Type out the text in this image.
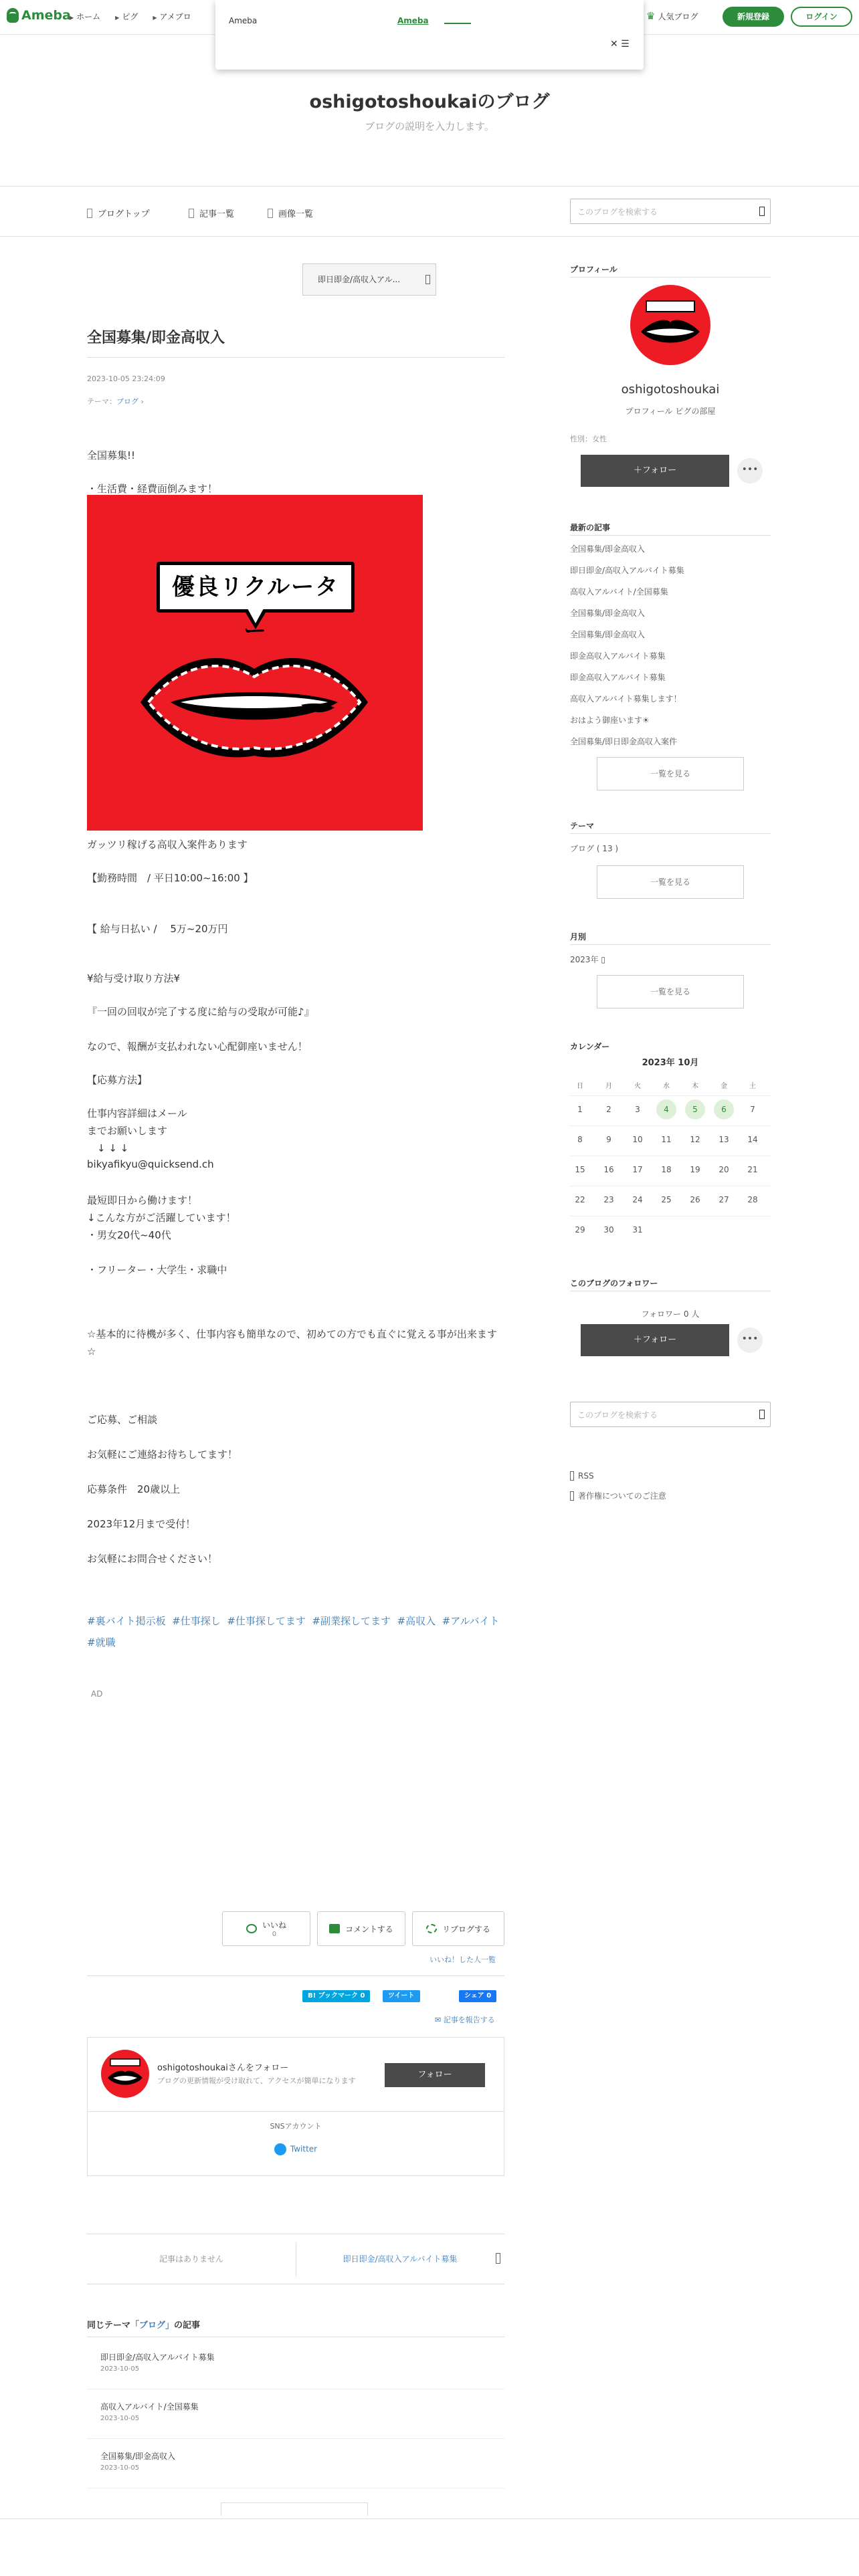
Ameba
▶ ホーム	▶ ピグ	▶ アメブロ	♛ 人気ブログ	新規登録	ログイン
Ameba	Ameba
✕ ☰
oshigotoshoukaiのブログ
ブログの説明を入力します。
ブログトップ	記事一覧	画像一覧	このブログを検索する
即日即金/高収入アル...
全国募集/即金高収入
2023-10-05 23:24:09
テーマ：ブログ ›
全国募集!!
・生活費・経費面倒みます！
優良リクルーター
ガッツリ稼げる高収入案件あります
【勤務時間　/ 平日10:00~16:00 】
【 給与日払い /　 5万~20万円
¥給与受け取り方法¥
『一回の回収が完了する度に給与の受取が可能♪』
なので、報酬が支払われない心配御座いません！
【応募方法】
仕事内容詳細はメール
までお願いします
　↓ ↓ ↓
bikyafikyu@quicksend.ch
最短即日から働けます！
↓こんな方がご活躍しています！
・男女20代~40代
・フリーター・大学生・求職中
☆基本的に待機が多く、仕事内容も簡単なので、初めての方でも直ぐに覚える事が出来ます☆
ご応募、ご相談
お気軽にご連絡お待ちしてます！
応募条件　20歳以上
2023年12月まで受付！
お気軽にお問合せください！
#裏バイト掲示板 #仕事探し #仕事探してます #副業探してます #高収入 #アルバイト  #就職
AD
いいね
0
コメントする	リブログする
いいね！した人一覧
B! ブックマーク 0	ツイート	シェア 0
✉ 記事を報告する
oshigotoshoukaiさんをフォロー
ブログの更新情報が受け取れて、アクセスが簡単になります
フォロー
SNSアカウント
Twitter
記事はありません	即日即金/高収入アルバイト募集
同じテーマ「ブログ」の記事
即日即金/高収入アルバイト募集
2023-10-05
高収入アルバイト/全国募集
2023-10-05
全国募集/即金高収入
2023-10-05
プロフィール
oshigotoshoukai
プロフィール ピグの部屋
性別：女性
＋フォロー	•••
最新の記事
全国募集/即金高収入
即日即金/高収入アルバイト募集
高収入アルバイト/全国募集
全国募集/即金高収入
全国募集/即金高収入
即金高収入アルバイト募集
即金高収入アルバイト募集
高収入アルバイト募集します！
おはよう御座います☀
全国募集/即日即金高収入案件
一覧を見る
テーマ
ブログ ( 13 )
一覧を見る
月別
2023年 ▯
一覧を見る
カレンダー
2023年 10月
日	月	火	水	木	金	土
1	2	3	4	5	6	7
8	9	10	11	12	13	14
15	16	17	18	19	20	21
22	23	24	25	26	27	28
29	30	31
このブログのフォロワー
フォロワー 0 人
＋フォロー	•••
このブログを検索する
RSS
著作権についてのご注意
